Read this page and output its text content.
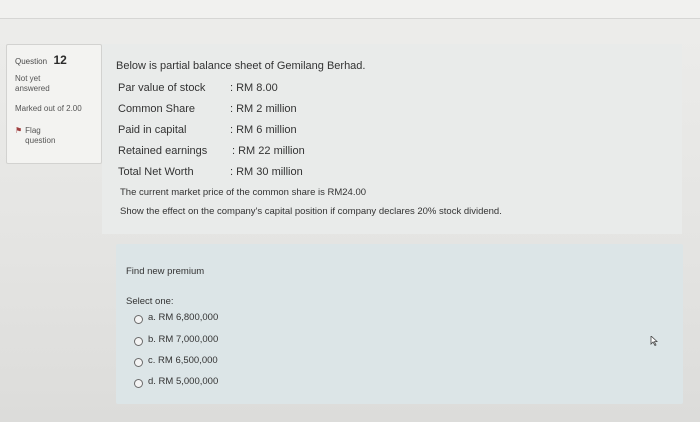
Question 12
Not yet answered
Marked out of 2.00
⚑ Flag question
Below is partial balance sheet of Gemilang Berhad.
Par value of stock : RM 8.00
Common Share	: RM 2 million
Paid in capital	: RM 6 million
Retained earnings : RM 22 million
Total Net Worth	: RM 30 million
The current market price of the common share is RM24.00
Show the effect on the company's capital position if company declares 20% stock dividend.
Find new premium
Select one:
a. RM 6,800,000
b. RM 7,000,000
c. RM 6,500,000
d. RM 5,000,000
